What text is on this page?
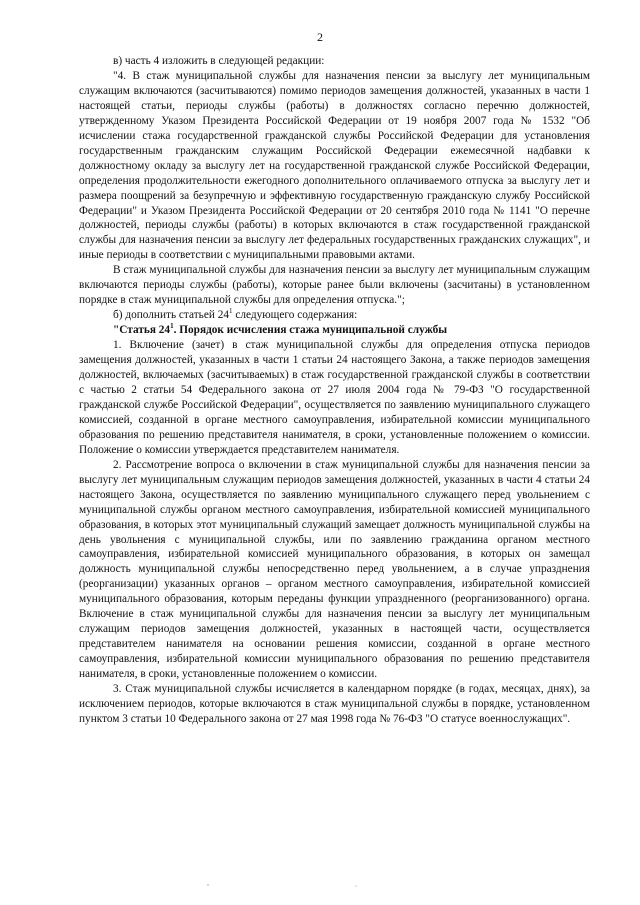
2

в) часть 4 изложить в следующей редакции:

"4. В стаж муниципальной службы для назначения пенсии за выслугу лет муниципальным служащим включаются (засчитываются) помимо периодов замещения должностей, указанных в части 1 настоящей статьи, периоды службы (работы) в должностях согласно перечню должностей, утвержденному Указом Президента Российской Федерации от 19 ноября 2007 года № 1532 "Об исчислении стажа государственной гражданской службы Российской Федерации для установления государственным гражданским служащим Российской Федерации ежемесячной надбавки к должностному окладу за выслугу лет на государственной гражданской службе Российской Федерации, определения продолжительности ежегодного дополнительного оплачиваемого отпуска за выслугу лет и размера поощрений за безупречную и эффективную государственную гражданскую службу Российской Федерации" и Указом Президента Российской Федерации от 20 сентября 2010 года № 1141 "О перечне должностей, периоды службы (работы) в которых включаются в стаж государственной гражданской службы для назначения пенсии за выслугу лет федеральных государственных гражданских служащих", и иные периоды в соответствии с муниципальными правовыми актами.

В стаж муниципальной службы для назначения пенсии за выслугу лет муниципальным служащим включаются периоды службы (работы), которые ранее были включены (засчитаны) в установленном порядке в стаж муниципальной службы для определения отпуска.";

б) дополнить статьей $24^1$ следующего содержания:

"Статья $24^1$. Порядок исчисления стажа муниципальной службы

1. Включение (зачет) в стаж муниципальной службы для определения отпуска периодов замещения должностей, указанных в части 1 статьи 24 настоящего Закона, а также периодов замещения должностей, включаемых (засчитываемых) в стаж государственной гражданской службы в соответствии с частью 2 статьи 54 Федерального закона от 27 июля 2004 года № 79-ФЗ "О государственной гражданской службе Российской Федерации", осуществляется по заявлению муниципального служащего комиссией, созданной в органе местного самоуправления, избирательной комиссии муниципального образования по решению представителя нанимателя, в сроки, установленные положением о комиссии. Положение о комиссии утверждается представителем нанимателя.

2. Рассмотрение вопроса о включении в стаж муниципальной службы для назначения пенсии за выслугу лет муниципальным служащим периодов замещения должностей, указанных в части 4 статьи 24 настоящего Закона, осуществляется по заявлению муниципального служащего перед увольнением с муниципальной службы органом местного самоуправления, избирательной комиссией муниципального образования, в которых этот муниципальный служащий замещает должность муниципальной службы на день увольнения с муниципальной службы, или по заявлению гражданина органом местного самоуправления, избирательной комиссией муниципального образования, в которых он замещал должность муниципальной службы непосредственно перед увольнением, а в случае упразднения (реорганизации) указанных органов – органом местного самоуправления, избирательной комиссией муниципального образования, которым переданы функции упраздненного (реорганизованного) органа. Включение в стаж муниципальной службы для назначения пенсии за выслугу лет муниципальным служащим периодов замещения должностей, указанных в настоящей части, осуществляется представителем нанимателя на основании решения комиссии, созданной в органе местного самоуправления, избирательной комиссии муниципального образования по решению представителя нанимателя, в сроки, установленные положением о комиссии.

3. Стаж муниципальной службы исчисляется в календарном порядке (в годах, месяцах, днях), за исключением периодов, которые включаются в стаж муниципальной службы в порядке, установленном пунктом 3 статьи 10 Федерального закона от 27 мая 1998 года № 76-ФЗ "О статусе военнослужащих".
